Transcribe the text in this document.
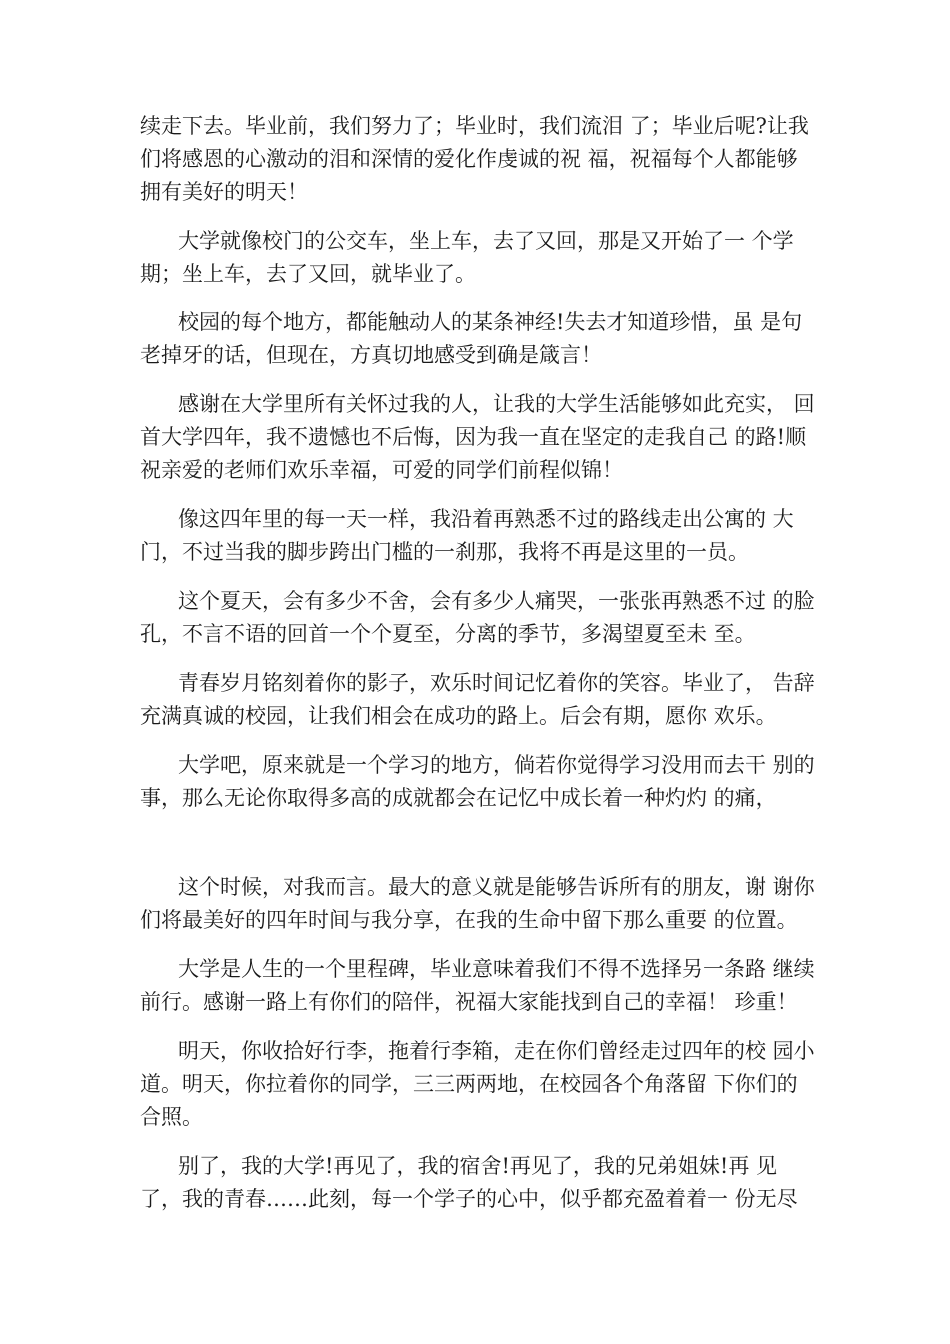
续走下去。毕业前，我们努力了；毕业时，我们流泪 了；毕业后呢?让我
们将感恩的心激动的泪和深情的爱化作虔诚的祝 福，祝福每个人都能够
拥有美好的明天！
大学就像校门的公交车，坐上车，去了又回，那是又开始了一 个学
期；坐上车，去了又回，就毕业了。
校园的每个地方，都能触动人的某条神经!失去才知道珍惜，虽 是句
老掉牙的话，但现在，方真切地感受到确是箴言！
感谢在大学里所有关怀过我的人，让我的大学生活能够如此充实， 回
首大学四年，我不遗憾也不后悔，因为我一直在坚定的走我自己 的路!顺
祝亲爱的老师们欢乐幸福，可爱的同学们前程似锦！
像这四年里的每一天一样，我沿着再熟悉不过的路线走出公寓的 大
门，不过当我的脚步跨出门槛的一刹那，我将不再是这里的一员。
这个夏天，会有多少不舍，会有多少人痛哭，一张张再熟悉不过 的脸
孔，不言不语的回首一个个夏至，分离的季节，多渴望夏至未 至。
青春岁月铭刻着你的影子，欢乐时间记忆着你的笑容。毕业了， 告辞
充满真诚的校园，让我们相会在成功的路上。后会有期，愿你 欢乐。
大学吧，原来就是一个学习的地方，倘若你觉得学习没用而去干 别的
事，那么无论你取得多高的成就都会在记忆中成长着一种灼灼 的痛，
这个时候，对我而言。最大的意义就是能够告诉所有的朋友，谢 谢你
们将最美好的四年时间与我分享，在我的生命中留下那么重要 的位置。
大学是人生的一个里程碑，毕业意味着我们不得不选择另一条路 继续
前行。感谢一路上有你们的陪伴，祝福大家能找到自己的幸福！ 珍重！
明天，你收拾好行李，拖着行李箱，走在你们曾经走过四年的校 园小
道。明天，你拉着你的同学，三三两两地，在校园各个角落留 下你们的
合照。
别了，我的大学!再见了，我的宿舍!再见了，我的兄弟姐妹!再 见
了，我的青春……此刻，每一个学子的心中，似乎都充盈着着一 份无尽
